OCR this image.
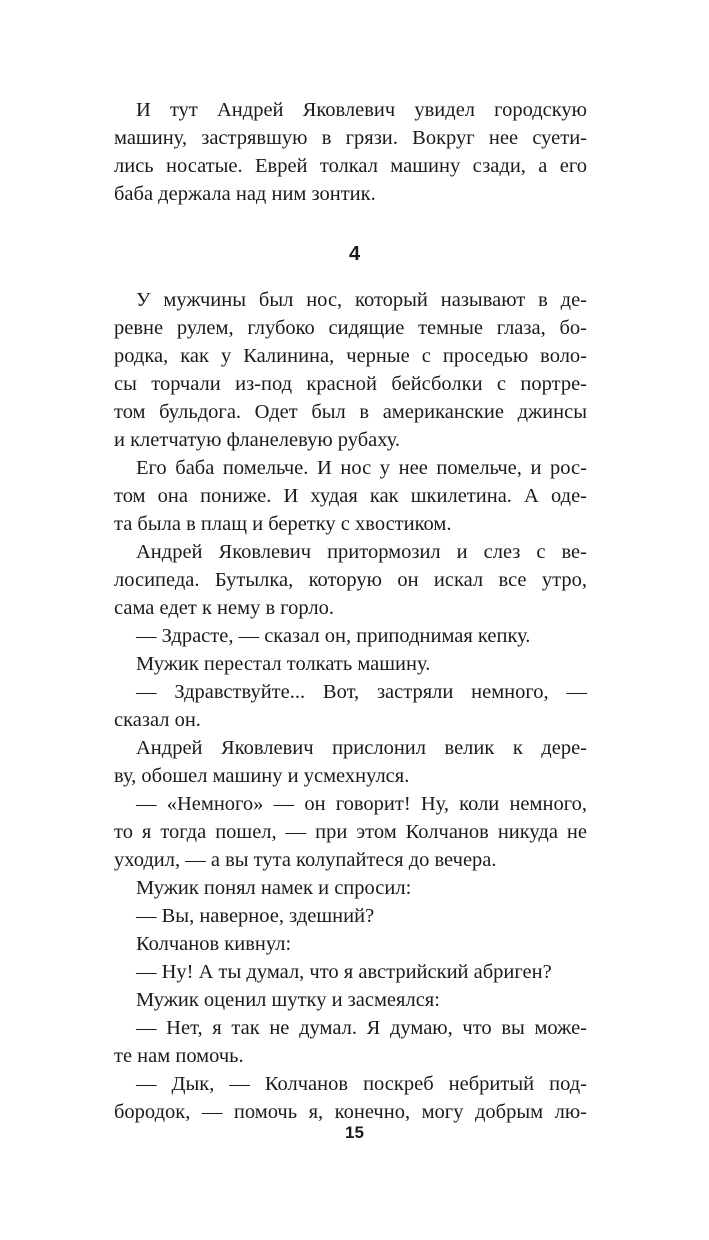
И тут Андрей Яковлевич увидел городскую
машину, застрявшую в грязи. Вокруг нее суети-
лись носатые. Еврей толкал машину сзади, а его
баба держала над ним зонтик.

4

У мужчины был нос, который называют в де-
ревне рулем, глубоко сидящие темные глаза, бо-
родка, как у Калинина, черные с проседью воло-
сы торчали из-под красной бейсболки с портре-
том бульдога. Одет был в американские джинсы
и клетчатую фланелевую рубаху.

Его баба помельче. И нос у нее помельче, и рос-
том она пониже. И худая как шкилетина. А оде-
та была в плащ и беретку с хвостиком.

Андрей Яковлевич притормозил и слез с ве-
лосипеда. Бутылка, которую он искал все утро,
сама едет к нему в горло.

— Здрасте, — сказал он, приподнимая кепку.

Мужик перестал толкать машину.

— Здравствуйте... Вот, застряли немного, —
сказал он.

Андрей Яковлевич прислонил велик к дере-
ву, обошел машину и усмехнулся.

— «Немного» — он говорит! Ну, коли немного,
то я тогда пошел, — при этом Колчанов никуда не
уходил, — а вы тута колупайтеся до вечера.

Мужик понял намек и спросил:

— Вы, наверное, здешний?

Колчанов кивнул:

— Ну! А ты думал, что я австрийский абриген?

Мужик оценил шутку и засмеялся:

— Нет, я так не думал. Я думаю, что вы може-
те нам помочь.

— Дык, — Колчанов поскреб небритый под-
бородок, — помочь я, конечно, могу добрым лю-

15
